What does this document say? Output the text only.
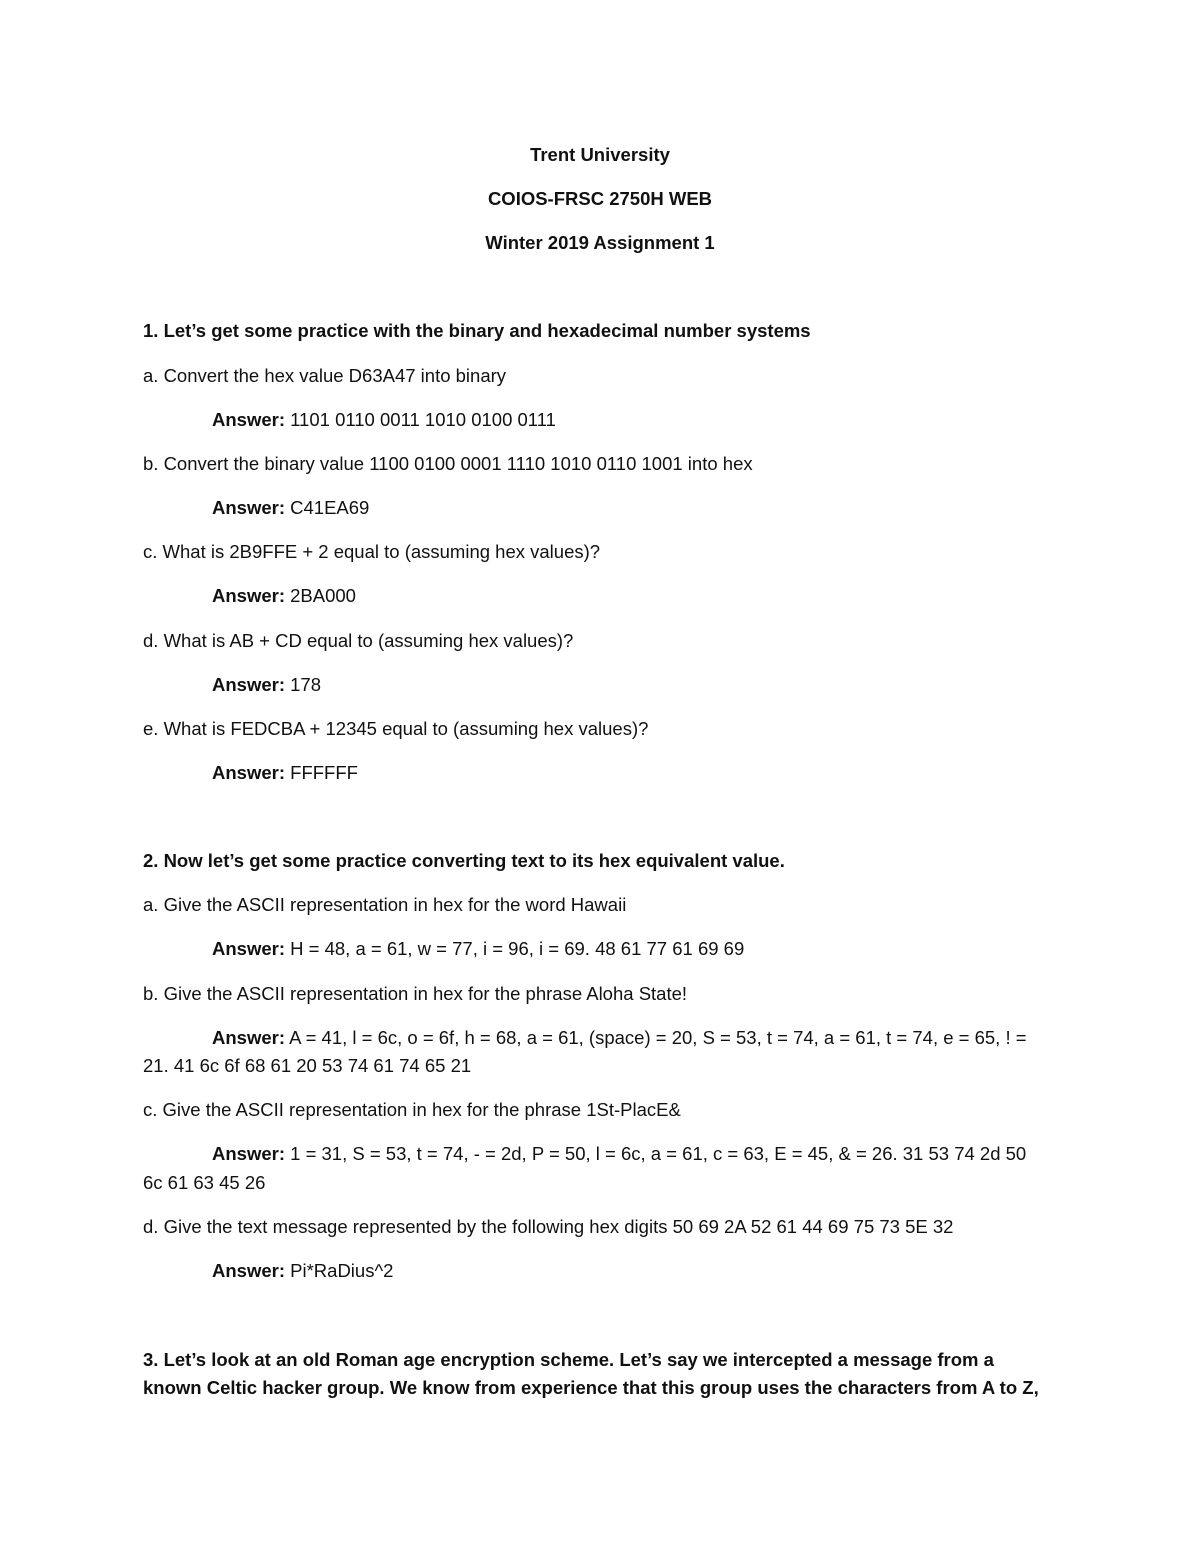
Trent University
COIOS-FRSC 2750H WEB
Winter 2019 Assignment 1
1. Let’s get some practice with the binary and hexadecimal number systems
a. Convert the hex value D63A47 into binary
Answer: 1101 0110 0011 1010 0100 0111
b. Convert the binary value 1100 0100 0001 1110 1010 0110 1001 into hex
Answer: C41EA69
c. What is 2B9FFE + 2 equal to (assuming hex values)?
Answer: 2BA000
d. What is AB + CD equal to (assuming hex values)?
Answer: 178
e. What is FEDCBA + 12345 equal to (assuming hex values)?
Answer: FFFFFF
2. Now let’s get some practice converting text to its hex equivalent value.
a. Give the ASCII representation in hex for the word Hawaii
Answer: H = 48, a = 61, w = 77, i = 96, i = 69. 48 61 77 61 69 69
b. Give the ASCII representation in hex for the phrase Aloha State!
Answer: A = 41, l = 6c, o = 6f, h = 68, a = 61, (space) = 20, S = 53, t = 74, a = 61, t = 74, e = 65, ! =
21. 41 6c 6f 68 61 20 53 74 61 74 65 21
c. Give the ASCII representation in hex for the phrase 1St-PlacE&
Answer: 1 = 31, S = 53, t = 74, - = 2d, P = 50, l = 6c, a = 61, c = 63, E = 45, & = 26. 31 53 74 2d 50
6c 61 63 45 26
d. Give the text message represented by the following hex digits 50 69 2A 52 61 44 69 75 73 5E 32
Answer: Pi*RaDius^2
3. Let’s look at an old Roman age encryption scheme. Let’s say we intercepted a message from a
known Celtic hacker group. We know from experience that this group uses the characters from A to Z,
